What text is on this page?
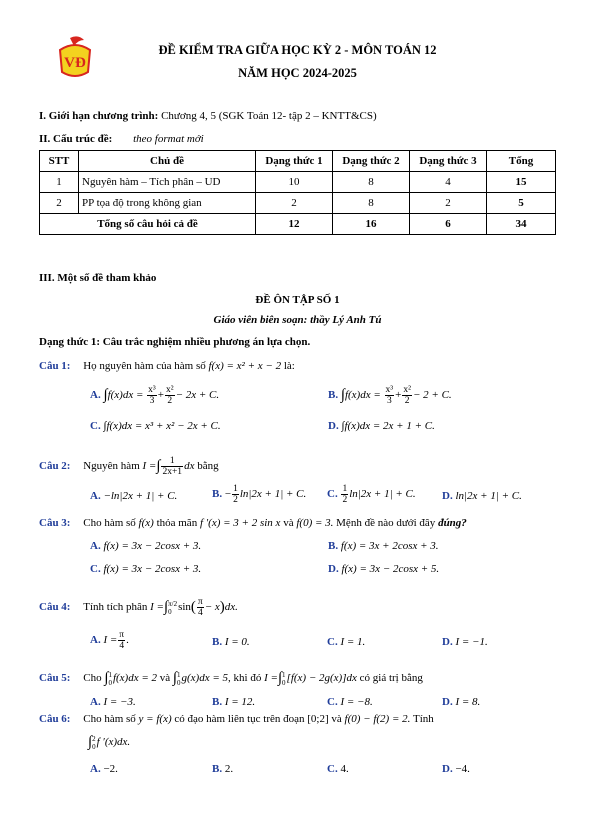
VĐ
ĐỀ KIỂM TRA GIỮA HỌC KỲ 2 - MÔN TOÁN 12
NĂM HỌC 2024-2025
I. Giới hạn chương trình: Chương 4, 5 (SGK Toán 12- tập 2 – KNTT&CS)
II. Cấu trúc đề: theo format mới
STT	Chủ đề	Dạng thức 1	Dạng thức 2	Dạng thức 3	Tổng
1	Nguyên hàm – Tích phân – UD	10	8	4	15
2	PP tọa độ trong không gian	2	8	2	5
Tổng số câu hỏi cả đề		12	16	6	34
III. Một số đề tham khảo
ĐỀ ÔN TẬP SỐ 1
Giáo viên biên soạn: thầy Lý Anh Tú
Dạng thức 1: Câu trắc nghiệm nhiều phương án lựa chọn.
Câu 1: Họ nguyên hàm của hàm số f(x) = x² + x − 2 là:
A. $\int f(x)dx = \frac{\text{x³}}{3} + \frac{\text{x²}}{2} - 2x + C$.	B. $\int f(x)dx = \frac{\text{x³}}{3} + \frac{\text{x²}}{2} - 2 + C$.
C. ∫f(x)dx = x³ + x² − 2x + C.	D. ∫f(x)dx = 2x + 1 + C.
Câu 2: Nguyên hàm I =∫ $\frac{1}{2x+1}$ dx bằng
A. −ln|2x + 1| + C.	B. − $\frac{1}{2} \ln|2x + 1| + C$. C. $\frac{1}{2} \ln|2x + 1| + C$. D. ln|2x + 1| + C.
Câu 3: Cho hàm số f(x) thỏa mãn f ′(x) = 3 + 2 sin x và f(0) = 3. Mệnh đề nào dưới đây đúng?
A. f(x) = 3x − 2cosx + 3.	B. f(x) = 3x + 2cosx + 3.
C. f(x) = 3x − 2cosx + 3.	D. f(x) = 3x − 2cosx + 5.
Câu 4: Tính tích phân I =∫π/2
0 $\sin( \frac{\pi}{4} - x)dx$.
A. $I = \frac{\pi}{4}$ .	B. I = 0.	C. I = 1.	D. I = −1.
Câu 5: Cho ∫1
0f(x)dx = 2 và ∫1
0g(x)dx = 5, khi đó I =∫1
0[f(x) − 2g(x)]dx có giá trị bằng
A. I = −3.	B. I = 12.	C. I = −8.	D. I = 8.
Câu 6: Cho hàm số y = f(x) có đạo hàm liên tục trên đoạn [0;2] và f(0) − f(2) = 2. Tính
∫2
0f ′(x)dx.
A. −2.	B. 2.	C. 4.	D. −4.
